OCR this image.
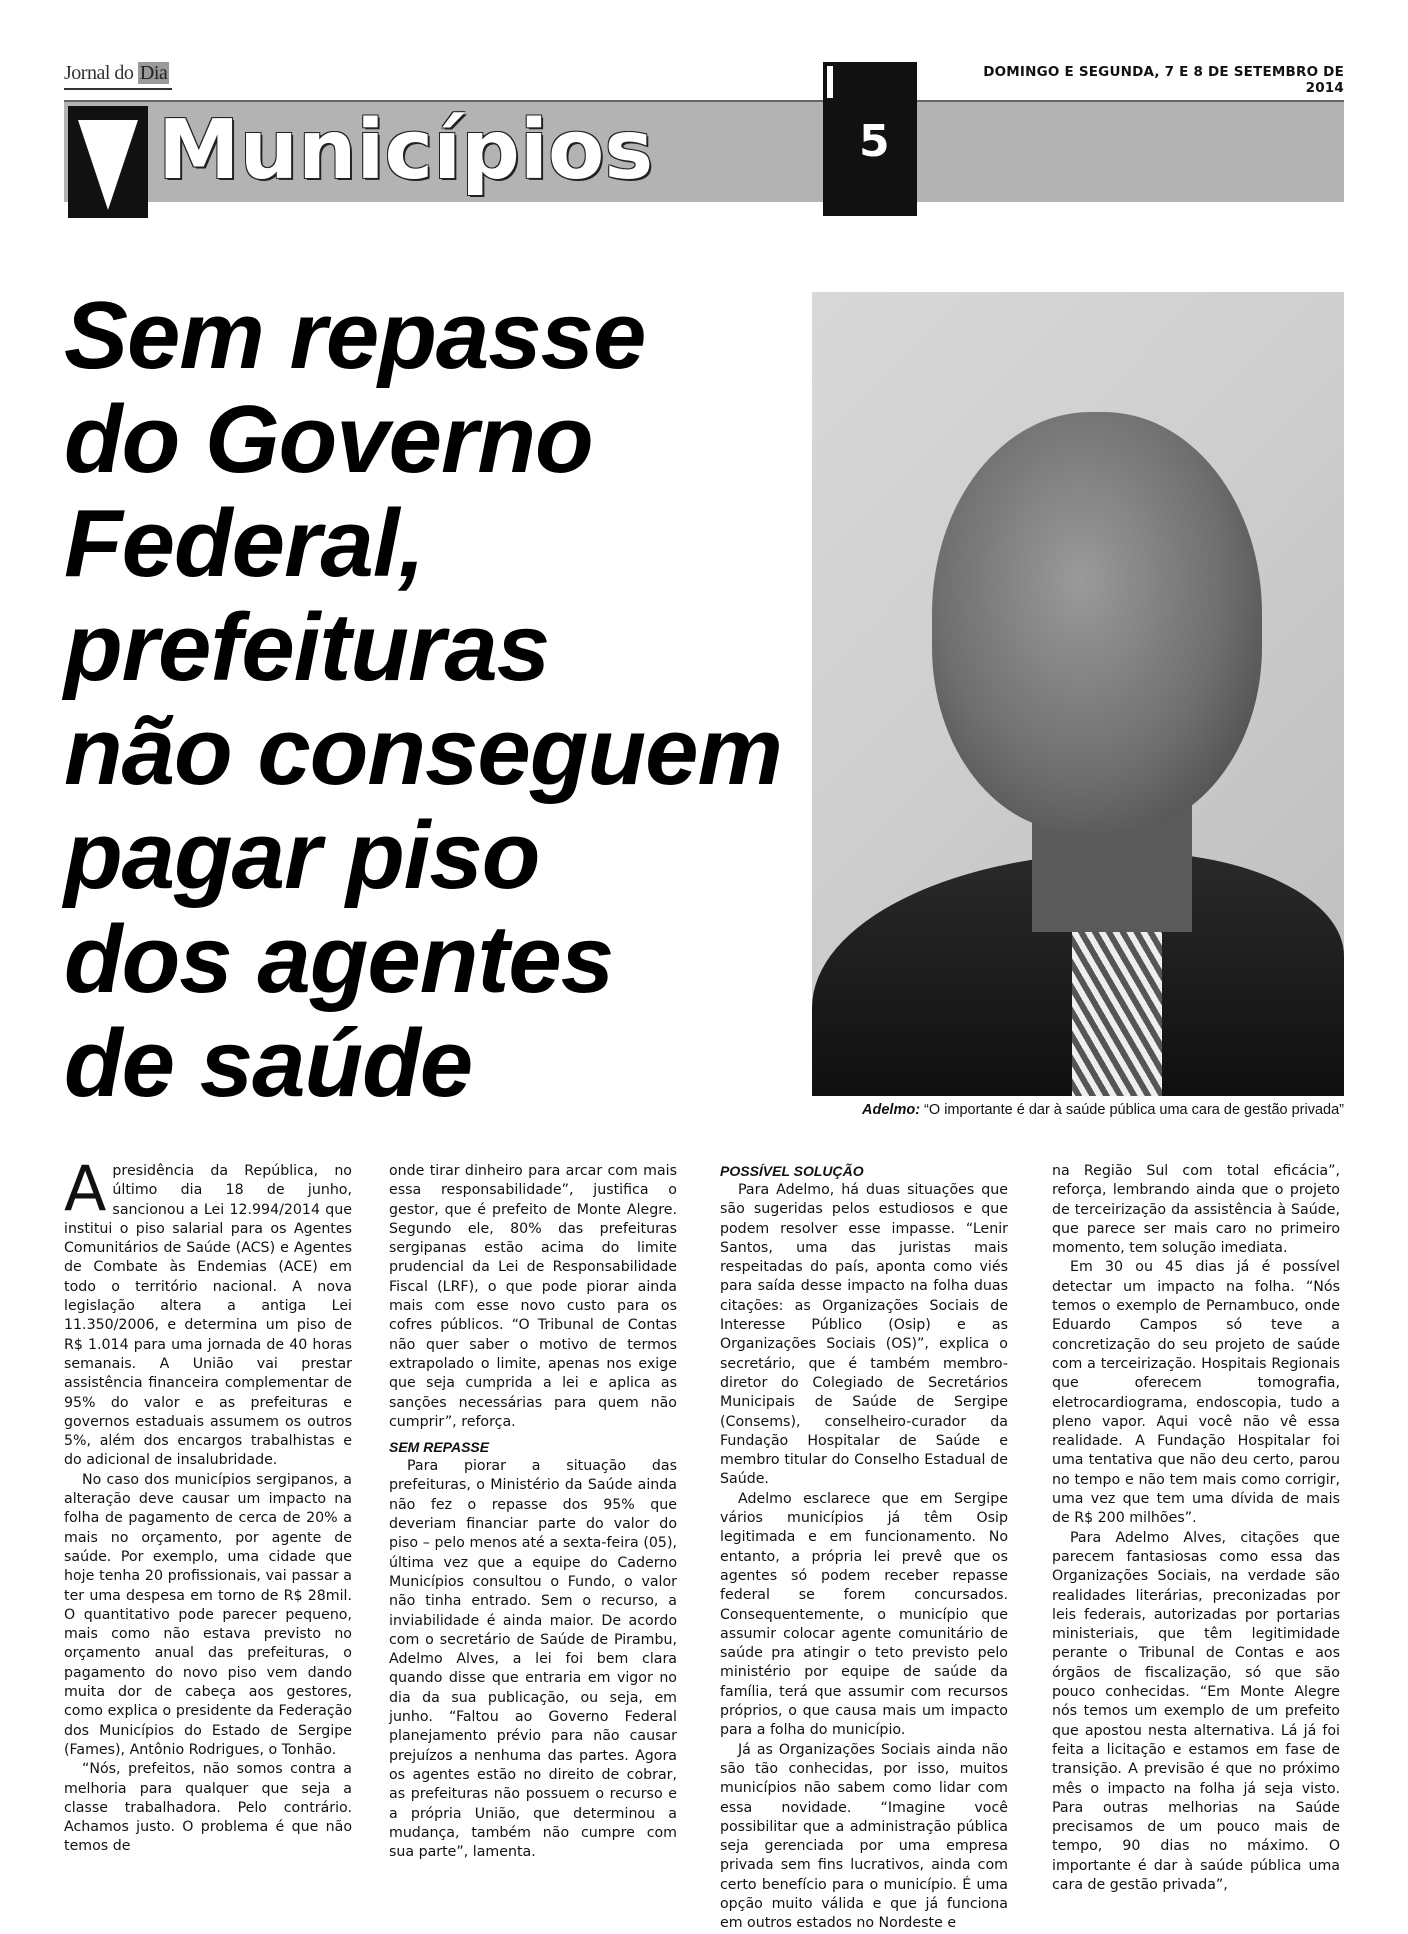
Jornal do Dia
Municípios	5
DOMINGO E SEGUNDA, 7 E 8 DE SETEMBRO DE 2014
Sem repasse
do Governo
Federal,
prefeituras
não conseguem
pagar piso
dos agentes
de saúde	Adelmo: “O importante é dar à saúde pública uma cara de gestão privada”

Apresidência da República, no último dia 18 de junho, sancionou a Lei 12.994/2014 que institui o piso salarial para os Agentes Comunitários de Saúde (ACS) e Agentes de Combate às Endemias (ACE) em todo o território nacional. A nova legislação altera a antiga Lei 11.350/2006, e determina um piso de R$ 1.014 para uma jornada de 40 horas semanais. A União vai prestar assistência financeira complementar de 95% do valor e as prefeituras e governos estaduais assumem os outros 5%, além dos encargos trabalhistas e do adicional de insalubridade.

No caso dos municípios sergipanos, a alteração deve causar um impacto na folha de pagamento de cerca de 20% a mais no orçamento, por agente de saúde. Por exemplo, uma cidade que hoje tenha 20 profissionais, vai passar a ter uma despesa em torno de R$ 28mil. O quantitativo pode parecer pequeno, mais como não estava previsto no orçamento anual das prefeituras, o pagamento do novo piso vem dando muita dor de cabeça aos gestores, como explica o presidente da Federação dos Municípios do Estado de Sergipe (Fames), Antônio Rodrigues, o Tonhão.

“Nós, prefeitos, não somos contra a melhoria para qualquer que seja a classe trabalhadora. Pelo contrário. Achamos justo. O problema é que não temos de

onde tirar dinheiro para arcar com mais essa responsabilidade”, justifica o gestor, que é prefeito de Monte Alegre. Segundo ele, 80% das prefeituras sergipanas estão acima do limite prudencial da Lei de Responsabilidade Fiscal (LRF), o que pode piorar ainda mais com esse novo custo para os cofres públicos. “O Tribunal de Contas não quer saber o motivo de termos extrapolado o limite, apenas nos exige que seja cumprida a lei e aplica as sanções necessárias para quem não cumprir”, reforça.

SEM REPASSE

Para piorar a situação das prefeituras, o Ministério da Saúde ainda não fez o repasse dos 95% que deveriam financiar parte do valor do piso – pelo menos até a sexta-feira (05), última vez que a equipe do Caderno Municípios consultou o Fundo, o valor não tinha entrado. Sem o recurso, a inviabilidade é ainda maior. De acordo com o secretário de Saúde de Pirambu, Adelmo Alves, a lei foi bem clara quando disse que entraria em vigor no dia da sua publicação, ou seja, em junho. “Faltou ao Governo Federal planejamento prévio para não causar prejuízos a nenhuma das partes. Agora os agentes estão no direito de cobrar, as prefeituras não possuem o recurso e a própria União, que determinou a mudança, também não cumpre com sua parte”, lamenta.

POSSÍVEL SOLUÇÃO

Para Adelmo, há duas situações que são sugeridas pelos estudiosos e que podem resolver esse impasse. “Lenir Santos, uma das juristas mais respeitadas do país, aponta como viés para saída desse impacto na folha duas citações: as Organizações Sociais de Interesse Público (Osip) e as Organizações Sociais (OS)”, explica o secretário, que é também membro-diretor do Colegiado de Secretários Municipais de Saúde de Sergipe (Consems), conselheiro-curador da Fundação Hospitalar de Saúde e membro titular do Conselho Estadual de Saúde.

Adelmo esclarece que em Sergipe vários municípios já têm Osip legitimada e em funcionamento. No entanto, a própria lei prevê que os agentes só podem receber repasse federal se forem concursados. Consequentemente, o município que assumir colocar agente comunitário de saúde pra atingir o teto previsto pelo ministério por equipe de saúde da família, terá que assumir com recursos próprios, o que causa mais um impacto para a folha do município.

Já as Organizações Sociais ainda não são tão conhecidas, por isso, muitos municípios não sabem como lidar com essa novidade. “Imagine você possibilitar que a administração pública seja gerenciada por uma empresa privada sem fins lucrativos, ainda com certo benefício para o município. É uma opção muito válida e que já funciona em outros estados no Nordeste e

na Região Sul com total eficácia”, reforça, lembrando ainda que o projeto de terceirização da assistência à Saúde, que parece ser mais caro no primeiro momento, tem solução imediata.

Em 30 ou 45 dias já é possível detectar um impacto na folha. “Nós temos o exemplo de Pernambuco, onde Eduardo Campos só teve a concretização do seu projeto de saúde com a terceirização. Hospitais Regionais que oferecem tomografia, eletrocardiograma, endoscopia, tudo a pleno vapor. Aqui você não vê essa realidade. A Fundação Hospitalar foi uma tentativa que não deu certo, parou no tempo e não tem mais como corrigir, uma vez que tem uma dívida de mais de R$ 200 milhões”.

Para Adelmo Alves, citações que parecem fantasiosas como essa das Organizações Sociais, na verdade são realidades literárias, preconizadas por leis federais, autorizadas por portarias ministeriais, que têm legitimidade perante o Tribunal de Contas e aos órgãos de fiscalização, só que são pouco conhecidas. “Em Monte Alegre nós temos um exemplo de um prefeito que apostou nesta alternativa. Lá já foi feita a licitação e estamos em fase de transição. A previsão é que no próximo mês o impacto na folha já seja visto. Para outras melhorias na Saúde precisamos de um pouco mais de tempo, 90 dias no máximo. O importante é dar à saúde pública uma cara de gestão privada”,
